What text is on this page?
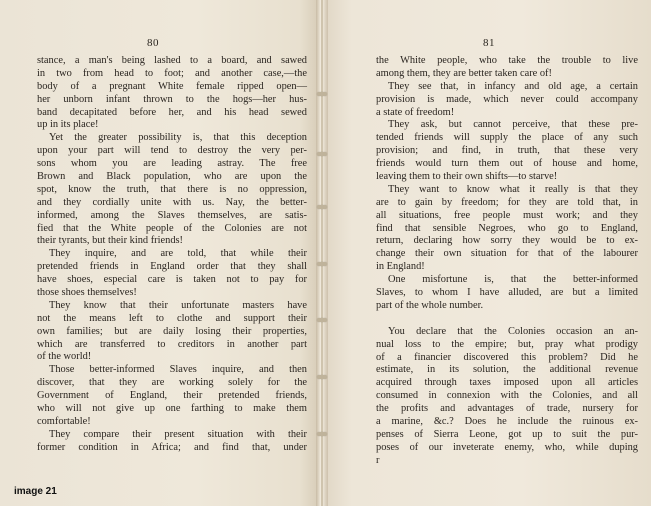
80
stance, a man's being lashed to a board, and sawed
in two from head to foot; and another case,—the
body of a pregnant White female ripped open—
her unborn infant thrown to the hogs—her hus-
band decapitated before her, and his head sewed
up in its place!
Yet the greater possibility is, that this deception
upon your part will tend to destroy the very per-
sons whom you are leading astray. The free
Brown and Black population, who are upon the
spot, know the truth, that there is no oppression,
and they cordially unite with us. Nay, the better-
informed, among the Slaves themselves, are satis-
fied that the White people of the Colonies are not
their tyrants, but their kind friends!
They inquire, and are told, that while their
pretended friends in England order that they shall
have shoes, especial care is taken not to pay for
those shoes themselves!
They know that their unfortunate masters have
not the means left to clothe and support their
own families; but are daily losing their properties,
which are transferred to creditors in another part
of the world!
Those better-informed Slaves inquire, and then
discover, that they are working solely for the
Government of England, their pretended friends,
who will not give up one farthing to make them
comfortable!
They compare their present situation with their
former condition in Africa; and find that, under
81
the White people, who take the trouble to live
among them, they are better taken care of!
They see that, in infancy and old age, a certain
provision is made, which never could accompany
a state of freedom!
They ask, but cannot perceive, that these pre-
tended friends will supply the place of any such
provision; and find, in truth, that these very
friends would turn them out of house and home,
leaving them to their own shifts—to starve!
They want to know what it really is that they
are to gain by freedom; for they are told that, in
all situations, free people must work; and they
find that sensible Negroes, who go to England,
return, declaring how sorry they would be to ex-
change their own situation for that of the labourer
in England!
One misfortune is, that the better-informed
Slaves, to whom I have alluded, are but a limited
part of the whole number.
You declare that the Colonies occasion an an-
nual loss to the empire; but, pray what prodigy
of a financier discovered this problem? Did he
estimate, in its solution, the additional revenue
acquired through taxes imposed upon all articles
consumed in connexion with the Colonies, and all
the profits and advantages of trade, nursery for
a marine, &c.? Does he include the ruinous ex-
penses of Sierra Leone, got up to suit the pur-
poses of our inveterate enemy, who, while duping
r
image 21
